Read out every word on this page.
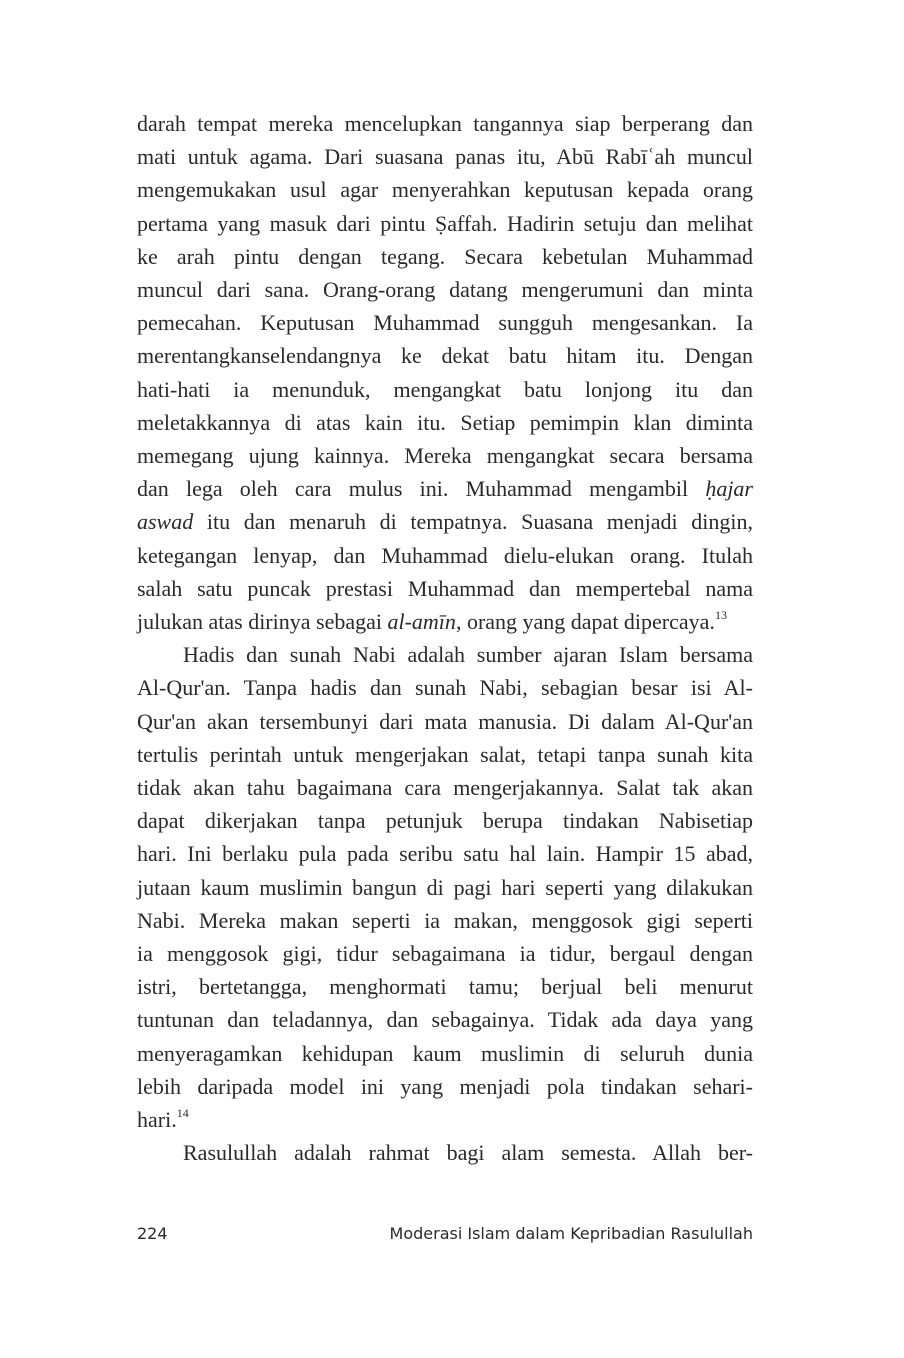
darah tempat mereka mencelupkan tangannya siap berperang dan
mati untuk agama. Dari suasana panas itu, Abū Rabīʿah muncul
mengemukakan usul agar menyerahkan keputusan kepada orang
pertama yang masuk dari pintu Ṣaffah. Hadirin setuju dan melihat
ke arah pintu dengan tegang. Secara kebetulan Muhammad
muncul dari sana. Orang-orang datang mengerumuni dan minta
pemecahan. Keputusan Muhammad sungguh mengesankan. Ia
merentangkanselendangnya ke dekat batu hitam itu. Dengan
hati-hati ia menunduk, mengangkat batu lonjong itu dan
meletakkannya di atas kain itu. Setiap pemimpin klan diminta
memegang ujung kainnya. Mereka mengangkat secara bersama
dan lega oleh cara mulus ini. Muhammad mengambil ḥajar
aswad itu dan menaruh di tempatnya. Suasana menjadi dingin,
ketegangan lenyap, dan Muhammad dielu-elukan orang. Itulah
salah satu puncak prestasi Muhammad dan mempertebal nama
julukan atas dirinya sebagai al-amīn, orang yang dapat dipercaya.$^{13}$

Hadis dan sunah Nabi adalah sumber ajaran Islam bersama
Al-Qur'an. Tanpa hadis dan sunah Nabi, sebagian besar isi Al-
Qur'an akan tersembunyi dari mata manusia. Di dalam Al-Qur'an
tertulis perintah untuk mengerjakan salat, tetapi tanpa sunah kita
tidak akan tahu bagaimana cara mengerjakannya. Salat tak akan
dapat dikerjakan tanpa petunjuk berupa tindakan Nabisetiap
hari. Ini berlaku pula pada seribu satu hal lain. Hampir 15 abad,
jutaan kaum muslimin bangun di pagi hari seperti yang dilakukan
Nabi. Mereka makan seperti ia makan, menggosok gigi seperti
ia menggosok gigi, tidur sebagaimana ia tidur, bergaul dengan
istri, bertetangga, menghormati tamu; berjual beli menurut
tuntunan dan teladannya, dan sebagainya. Tidak ada daya yang
menyeragamkan kehidupan kaum muslimin di seluruh dunia
lebih daripada model ini yang menjadi pola tindakan sehari-
hari.$^{14}$

Rasulullah adalah rahmat bagi alam semesta. Allah ber-

224	Moderasi Islam dalam Kepribadian Rasulullah
